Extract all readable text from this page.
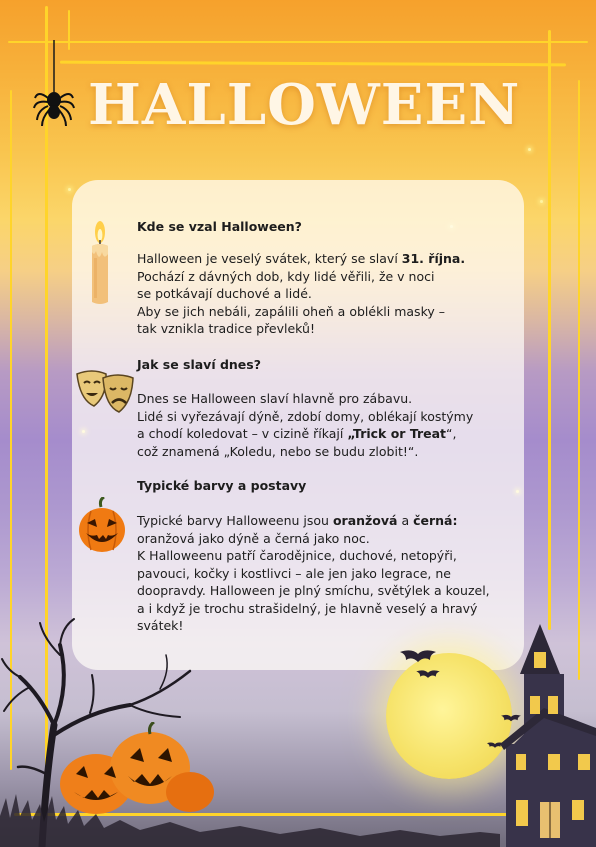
HALLOWEEN
Kde se vzal Halloween?
Halloween je veselý svátek, který se slaví 31. října.
Pochází z dávných dob, kdy lidé věřili, že v noci
se potkávají duchové a lidé.
Aby se jich nebáli, zapálili oheň a oblékli masky –
tak vznikla tradice převleků!
Jak se slaví dnes?
Dnes se Halloween slaví hlavně pro zábavu.
Lidé si vyřezávají dýně, zdobí domy, oblékají kostýmy
a chodí koledovat – v cizině říkají „Trick or Treat“,
což znamená „Koledu, nebo se budu zlobit!“.
Typické barvy a postavy
Typické barvy Halloweenu jsou oranžová a černá:
oranžová jako dýně a černá jako noc.
K Halloweenu patří čarodějnice, duchové, netopýři,
pavouci, kočky i kostlivci – ale jen jako legrace, ne
doopravdy. Halloween je plný smíchu, světýlek a kouzel,
a i když je trochu strašidelný, je hlavně veselý a hravý
svátek!
